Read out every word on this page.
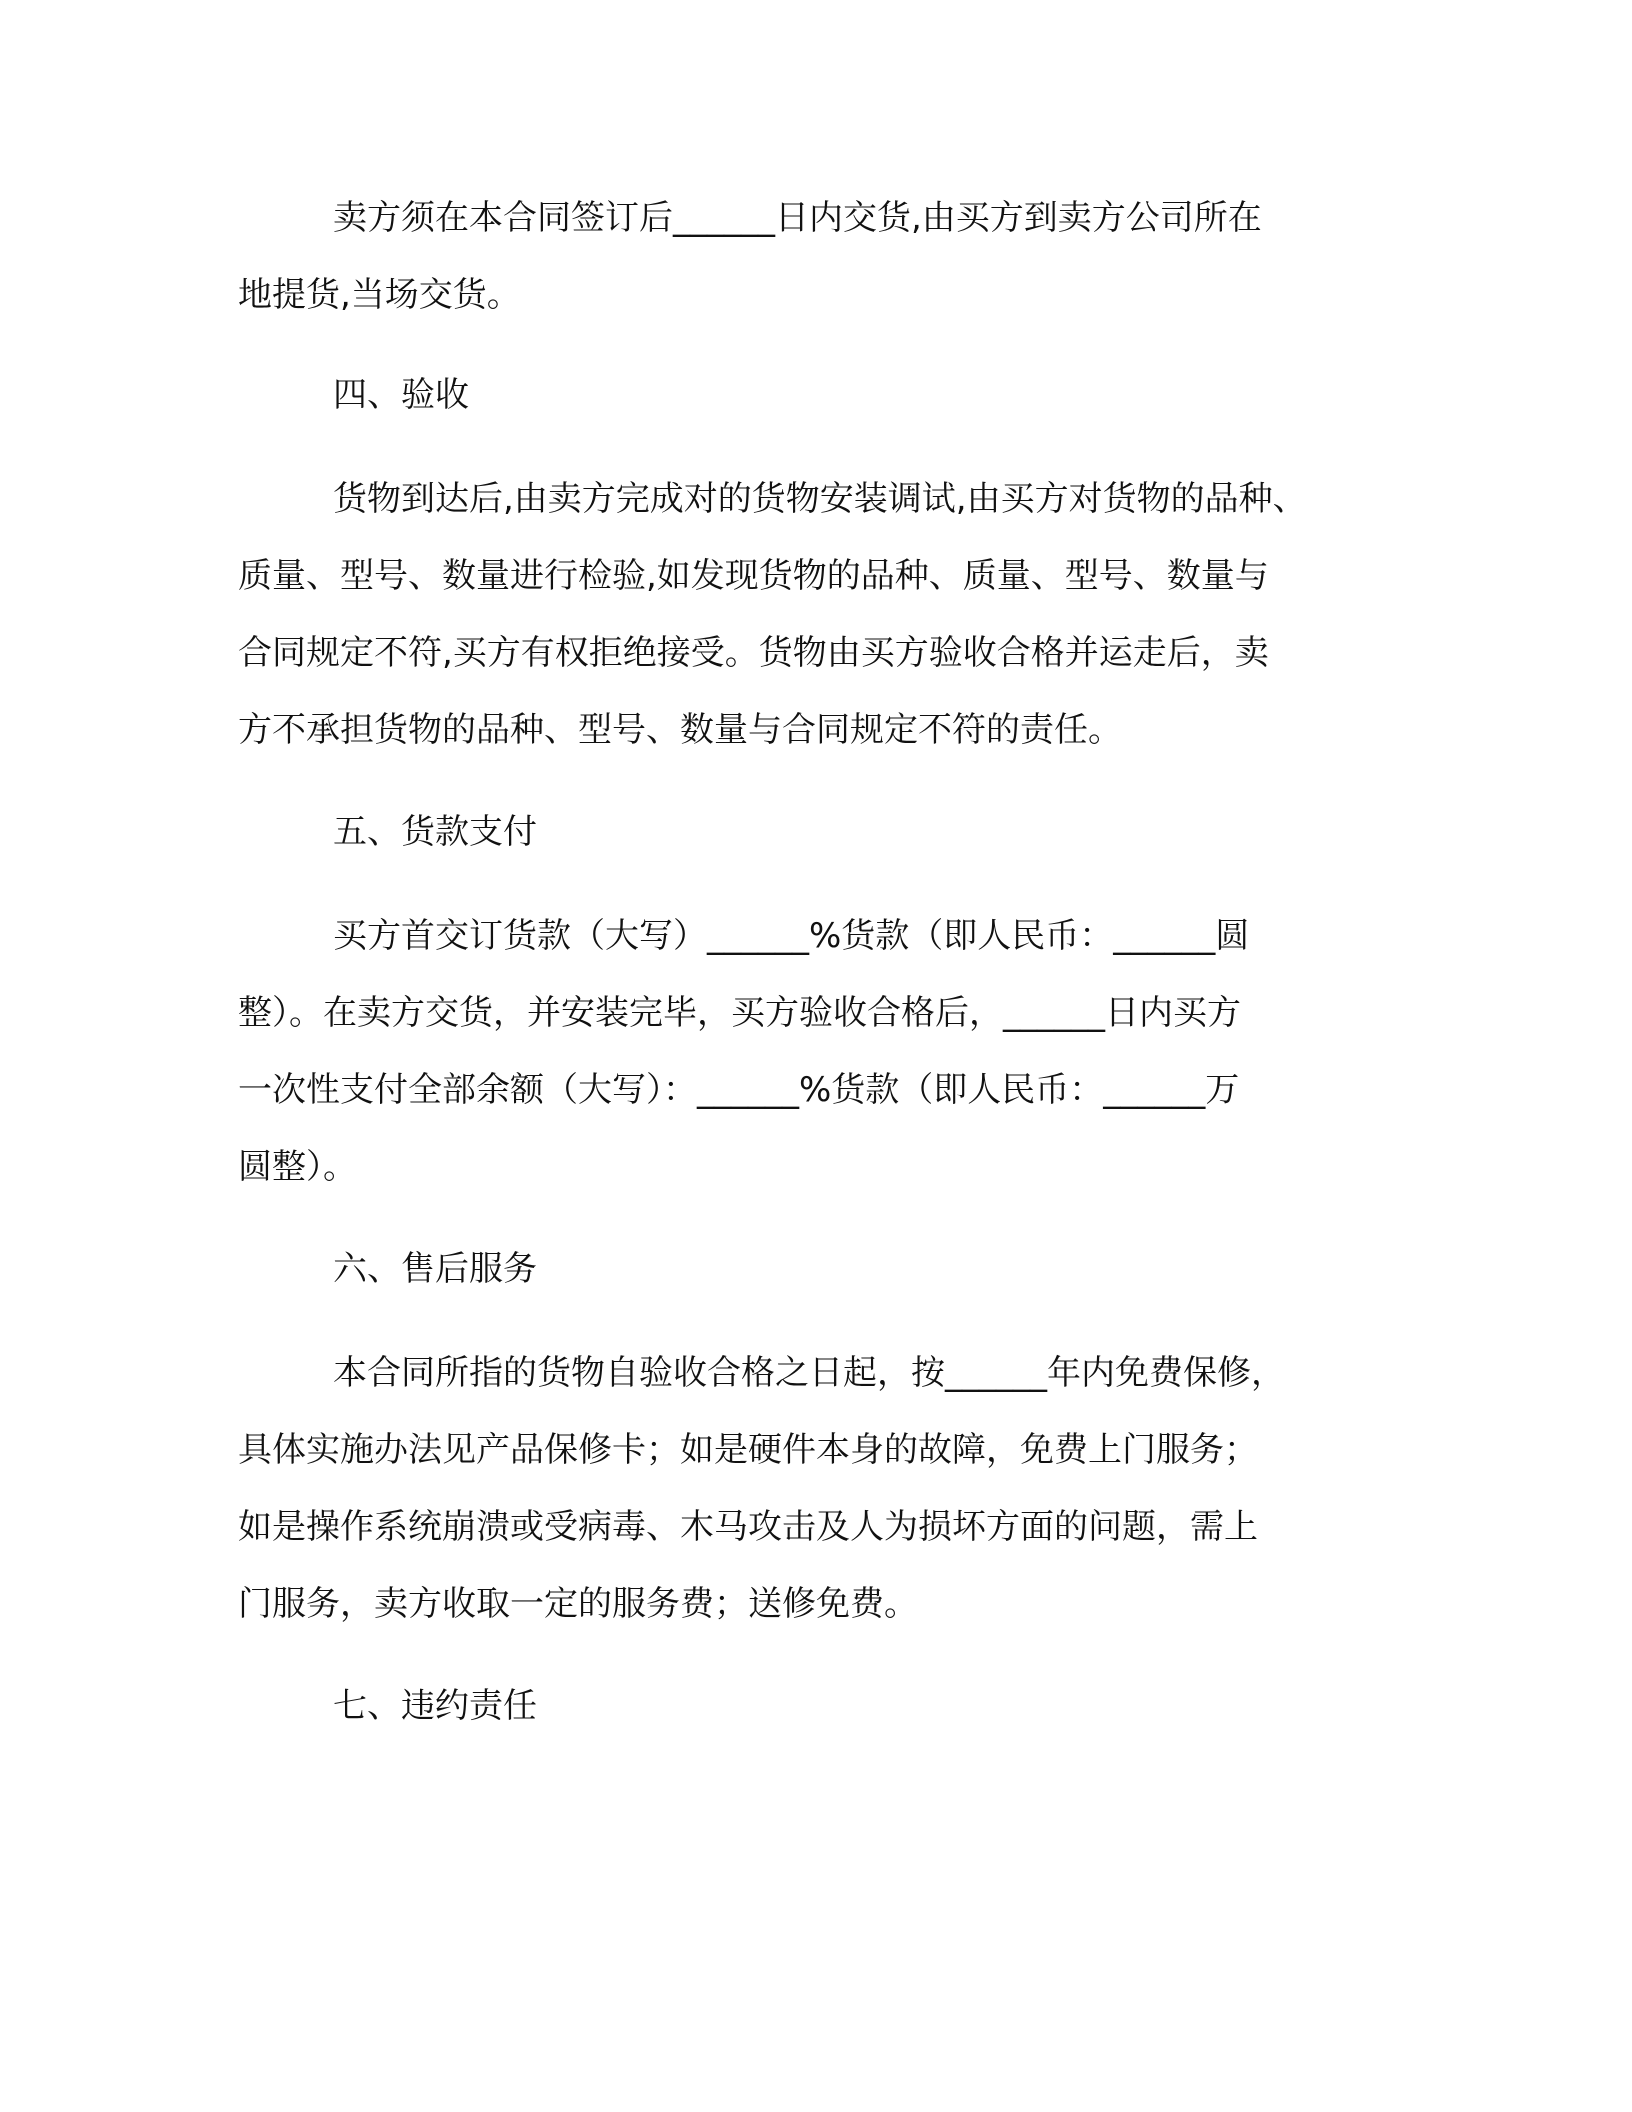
卖方须在本合同签订后______日内交货,由买方到卖方公司所在
地提货,当场交货。
四、验收
货物到达后,由卖方完成对的货物安装调试,由买方对货物的品种、
质量、型号、数量进行检验,如发现货物的品种、质量、型号、数量与
合同规定不符,买方有权拒绝接受。货物由买方验收合格并运走后，卖
方不承担货物的品种、型号、数量与合同规定不符的责任。
五、货款支付
买方首交订货款（大写）______%货款（即人民币：______圆
整）。在卖方交货，并安装完毕，买方验收合格后，______日内买方
一次性支付全部余额（大写）：______%货款（即人民币：______万
圆整）。
六、售后服务
本合同所指的货物自验收合格之日起，按______年内免费保修，
具体实施办法见产品保修卡；如是硬件本身的故障，免费上门服务；
如是操作系统崩溃或受病毒、木马攻击及人为损坏方面的问题，需上
门服务，卖方收取一定的服务费；送修免费。
七、违约责任
